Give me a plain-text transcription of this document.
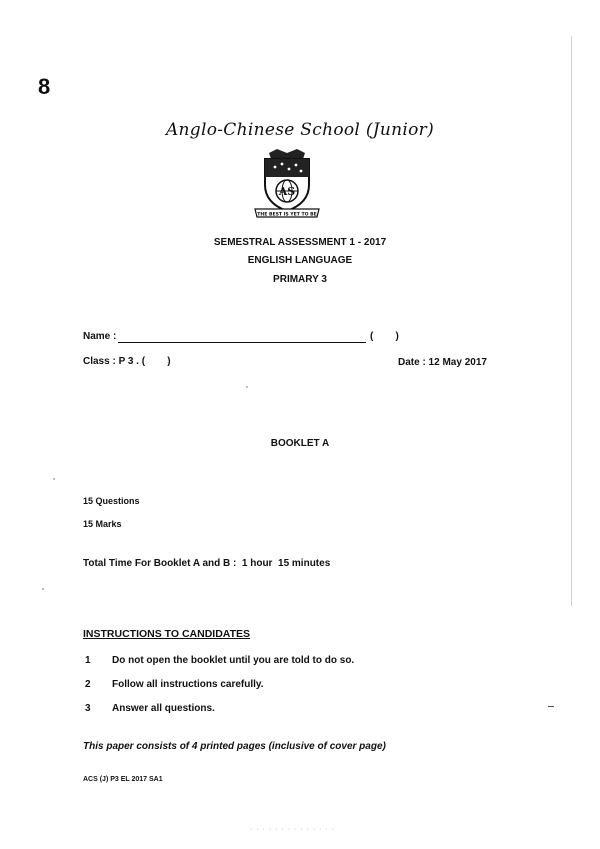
8
Anglo-Chinese School (Junior)
AS
THE BEST IS YET TO BE
SEMESTRAL ASSESSMENT 1 - 2017
ENGLISH LANGUAGE
PRIMARY 3
Name :	(        )
Class : P 3 . (        )	Date : 12 May 2017
BOOKLET A
15 Questions
15 Marks
Total Time For Booklet A and B :  1 hour  15 minutes
INSTRUCTIONS TO CANDIDATES
1 Do not open the booklet until you are told to do so.
2 Follow all instructions carefully.
3 Answer all questions.
This paper consists of 4 printed pages (inclusive of cover page)
ACS (J) P3 EL 2017 SA1
· · · · · · · · · · · · · ·
